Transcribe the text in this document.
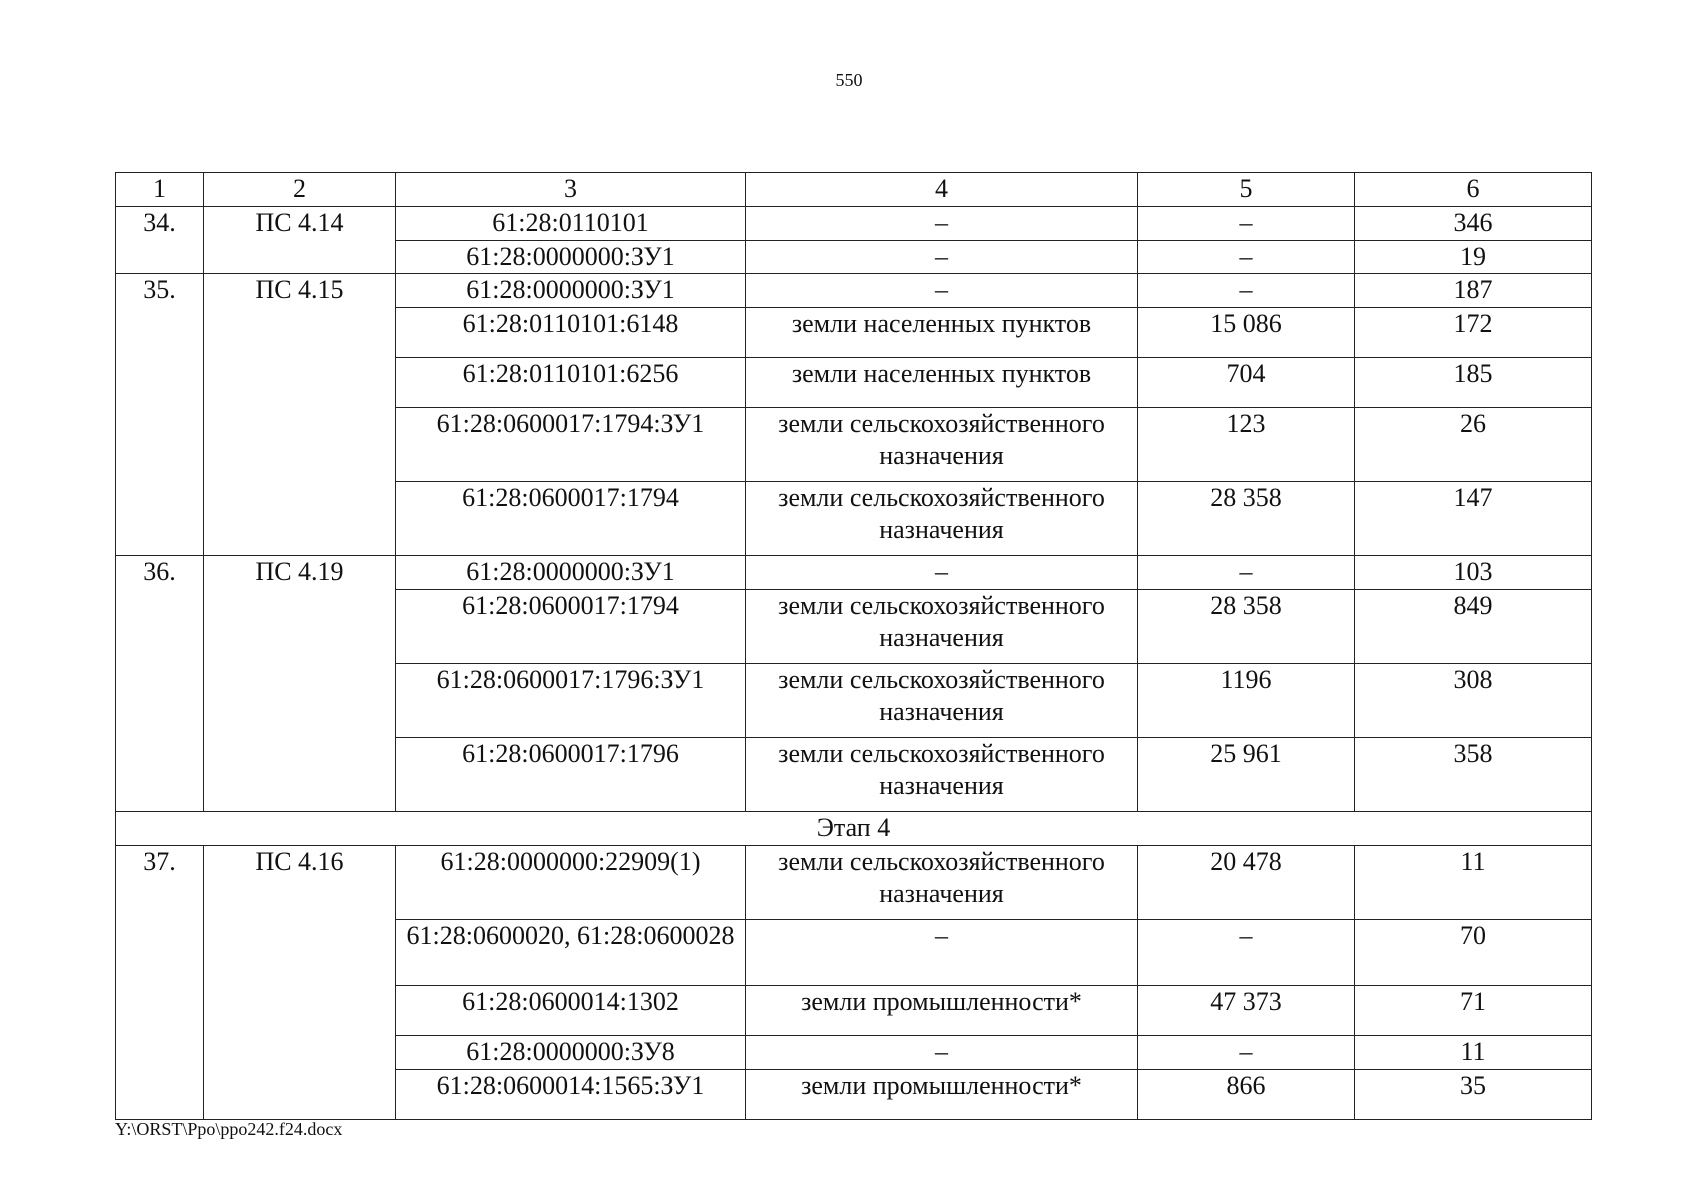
550
1	2	3	4	5	6
34.	ПС 4.14	61:28:0110101	–	–	346
		61:28:0000000:ЗУ1	–	–	19
35.	ПС 4.15	61:28:0000000:ЗУ1	–	–	187
		61:28:0110101:6148	земли населенных пунктов	15 086	172
		61:28:0110101:6256	земли населенных пунктов	704	185
		61:28:0600017:1794:ЗУ1	земли сельскохозяйственного назначения	123	26
		61:28:0600017:1794	земли сельскохозяйственного назначения	28 358	147
36.	ПС 4.19	61:28:0000000:ЗУ1	–	–	103
		61:28:0600017:1794	земли сельскохозяйственного назначения	28 358	849
		61:28:0600017:1796:ЗУ1	земли сельскохозяйственного назначения	1196	308
		61:28:0600017:1796	земли сельскохозяйственного назначения	25 961	358
Этап 4					
37.	ПС 4.16	61:28:0000000:22909(1)	земли сельскохозяйственного назначения	20 478	11
		61:28:0600020, 61:28:0600028	–	–	70
		61:28:0600014:1302	земли промышленности*	47 373	71
		61:28:0000000:ЗУ8	–	–	11
		61:28:0600014:1565:ЗУ1	земли промышленности*	866	35
Y:\ORST\Ppo\ppo242.f24.docx
